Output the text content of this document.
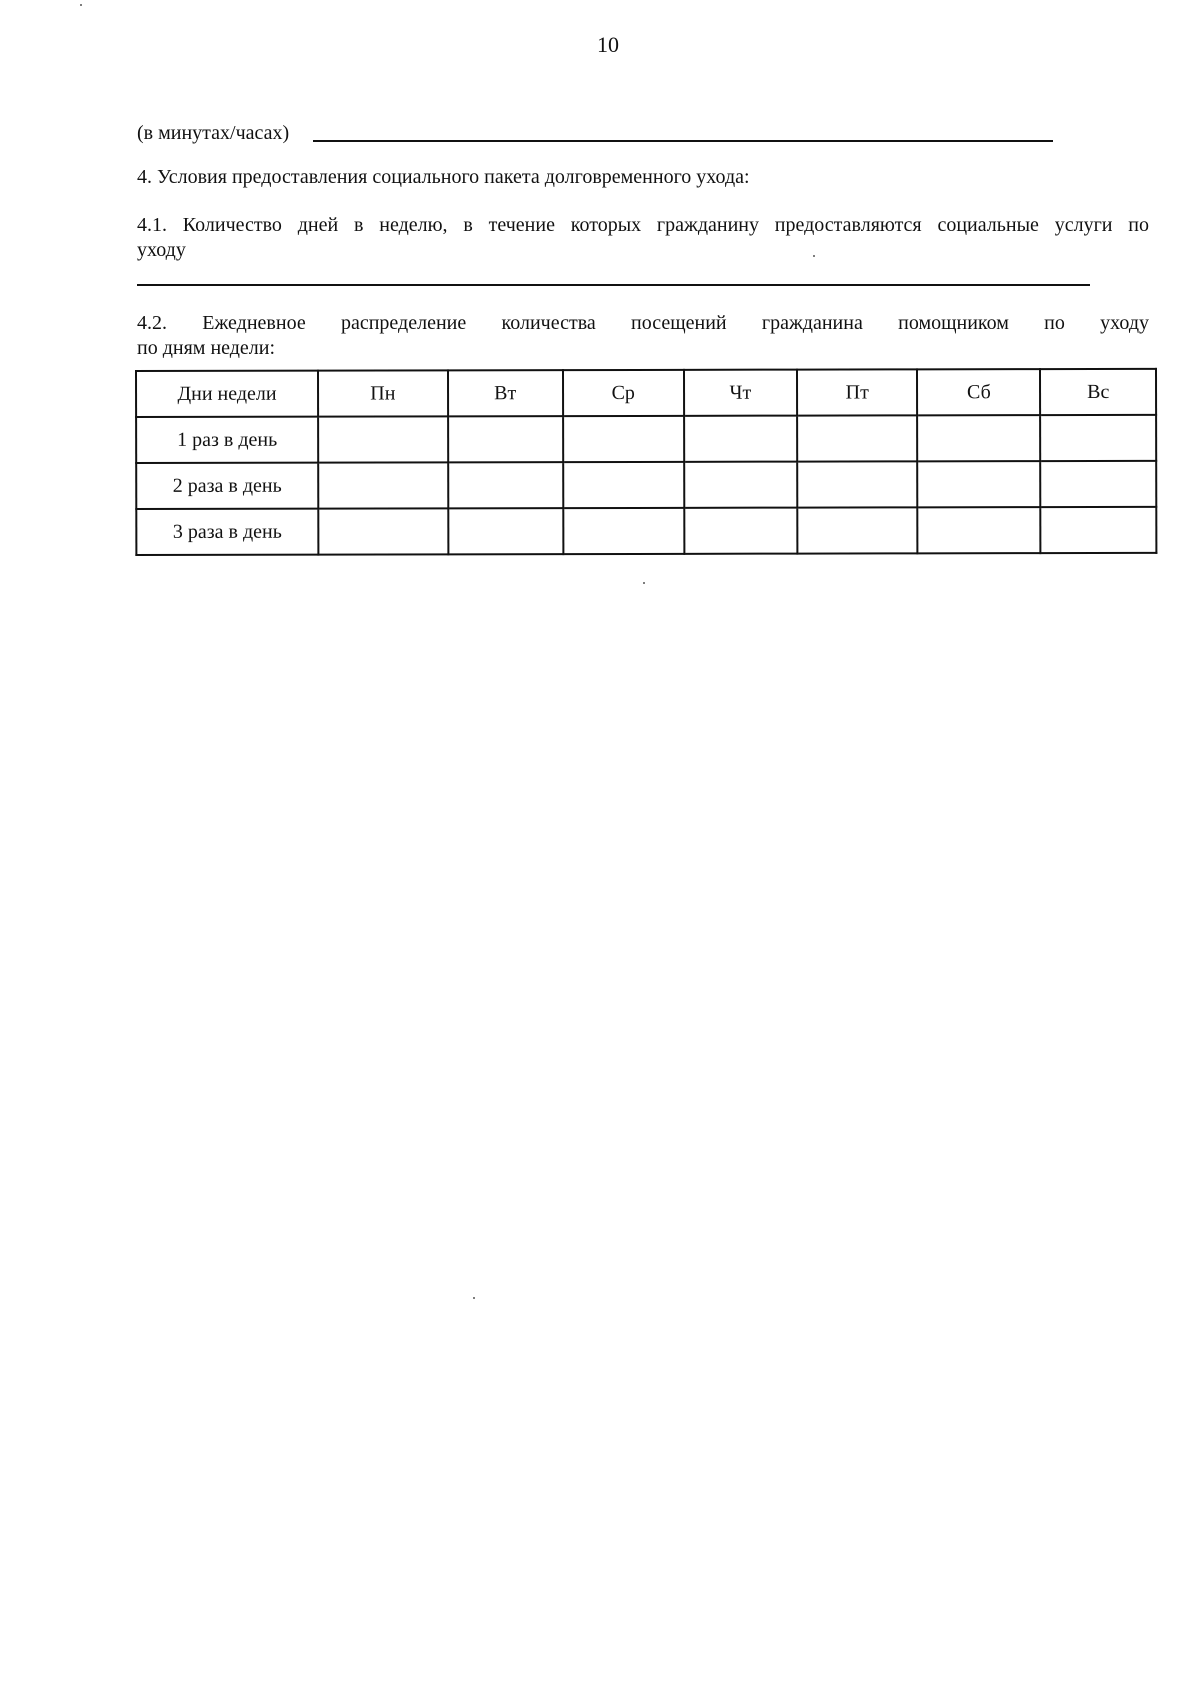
10
(в минутах/часах)
4. Условия предоставления социального пакета долговременного ухода:
4.1. Количество дней в неделю, в течение которых гражданину предоставляются социальные услуги по
уходу
4.2. Ежедневное распределение количества посещений гражданина помощником по уходу
по дням недели:
Дни недели	Пн	Вт	Ср	Чт	Пт	Сб	Вс
1 раз в день							
2 раза в день							
3 раза в день							
